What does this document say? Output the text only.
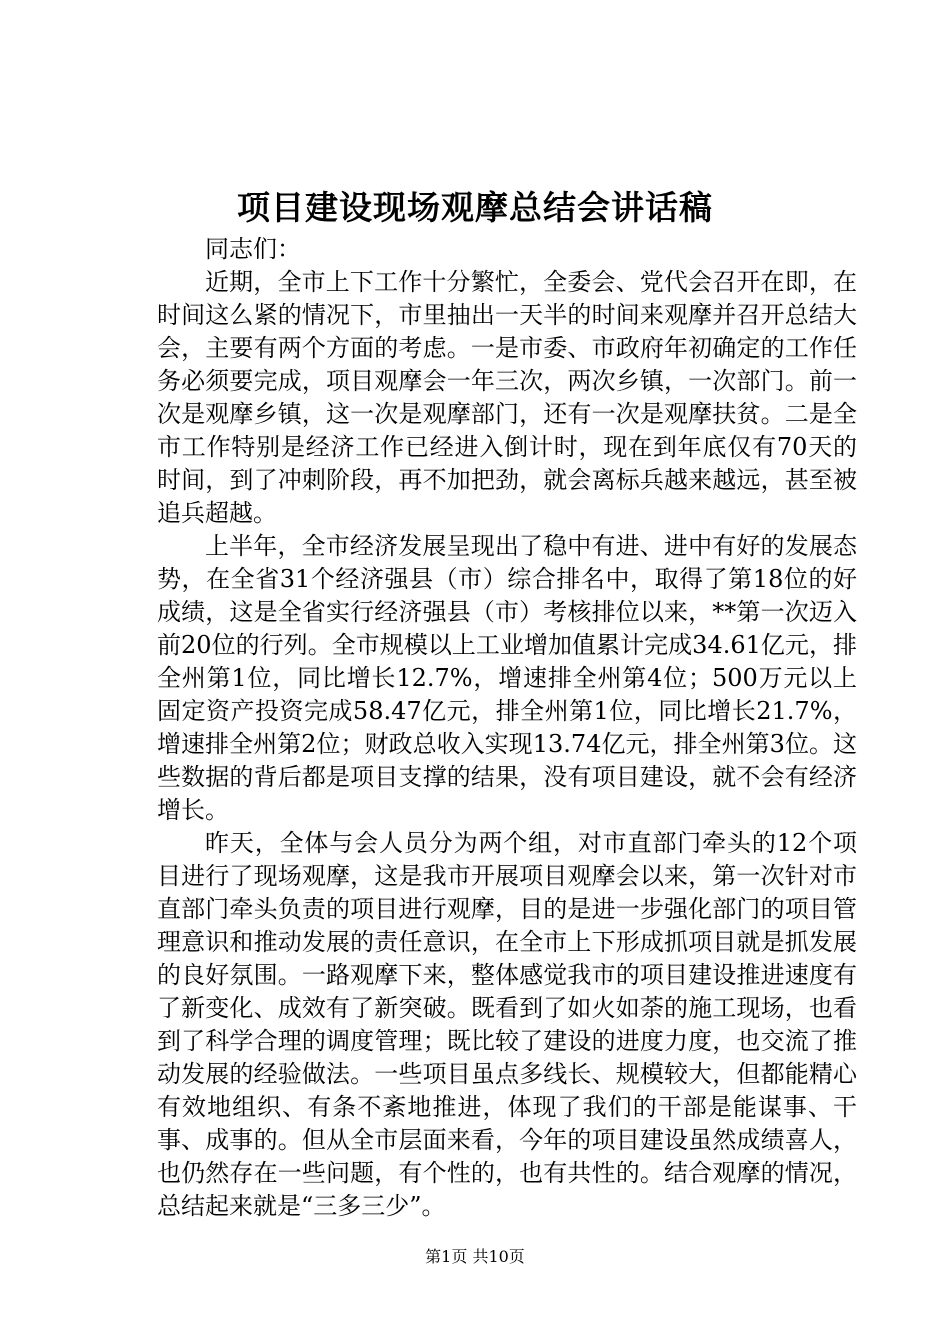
项目建设现场观摩总结会讲话稿

同志们：

近期，全市上下工作十分繁忙，全委会、党代会召开在即，在时间这么紧的情况下，市里抽出一天半的时间来观摩并召开总结大会，主要有两个方面的考虑。一是市委、市政府年初确定的工作任务必须要完成，项目观摩会一年三次，两次乡镇，一次部门。前一次是观摩乡镇，这一次是观摩部门，还有一次是观摩扶贫。二是全市工作特别是经济工作已经进入倒计时，现在到年底仅有70天的时间，到了冲刺阶段，再不加把劲，就会离标兵越来越远，甚至被追兵超越。

上半年，全市经济发展呈现出了稳中有进、进中有好的发展态势，在全省31个经济强县（市）综合排名中，取得了第18位的好成绩，这是全省实行经济强县（市）考核排位以来，**第一次迈入前20位的行列。全市规模以上工业增加值累计完成34.61亿元，排全州第1位，同比增长12.7%，增速排全州第4位；500万元以上固定资产投资完成58.47亿元，排全州第1位，同比增长21.7%，增速排全州第2位；财政总收入实现13.74亿元，排全州第3位。这些数据的背后都是项目支撑的结果，没有项目建设，就不会有经济增长。

昨天，全体与会人员分为两个组，对市直部门牵头的12个项目进行了现场观摩，这是我市开展项目观摩会以来，第一次针对市直部门牵头负责的项目进行观摩，目的是进一步强化部门的项目管理意识和推动发展的责任意识，在全市上下形成抓项目就是抓发展的良好氛围。一路观摩下来，整体感觉我市的项目建设推进速度有了新变化、成效有了新突破。既看到了如火如荼的施工现场，也看到了科学合理的调度管理；既比较了建设的进度力度，也交流了推动发展的经验做法。一些项目虽点多线长、规模较大，但都能精心有效地组织、有条不紊地推进，体现了我们的干部是能谋事、干事、成事的。但从全市层面来看，今年的项目建设虽然成绩喜人，也仍然存在一些问题，有个性的，也有共性的。结合观摩的情况，总结起来就是“三多三少”。

第1页 共10页
